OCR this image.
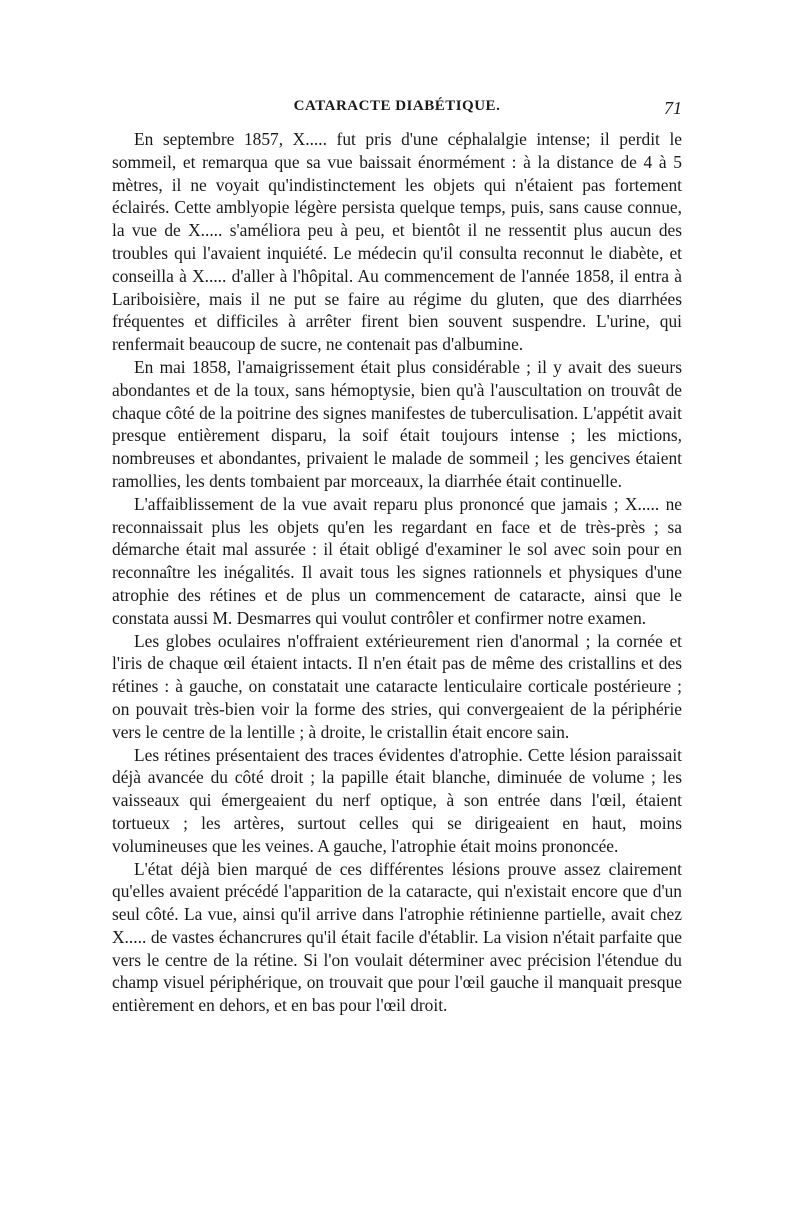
CATARACTE DIABÉTIQUE.	71

En septembre 1857, X..... fut pris d'une céphalalgie intense; il perdit le sommeil, et remarqua que sa vue baissait énormément : à la distance de 4 à 5 mètres, il ne voyait qu'indistinctement les objets qui n'étaient pas fortement éclairés. Cette amblyopie légère persista quelque temps, puis, sans cause connue, la vue de X..... s'améliora peu à peu, et bientôt il ne ressentit plus aucun des troubles qui l'avaient inquiété. Le médecin qu'il consulta reconnut le diabète, et conseilla à X..... d'aller à l'hôpital. Au commencement de l'année 1858, il entra à Lariboisière, mais il ne put se faire au régime du gluten, que des diarrhées fréquentes et difficiles à arrêter firent bien souvent suspendre. L'urine, qui renfermait beaucoup de sucre, ne contenait pas d'albumine.

En mai 1858, l'amaigrissement était plus considérable ; il y avait des sueurs abondantes et de la toux, sans hémoptysie, bien qu'à l'auscultation on trouvât de chaque côté de la poitrine des signes manifestes de tuberculisation. L'appétit avait presque entièrement disparu, la soif était toujours intense ; les mictions, nombreuses et abondantes, privaient le malade de sommeil ; les gencives étaient ramollies, les dents tombaient par morceaux, la diarrhée était continuelle.

L'affaiblissement de la vue avait reparu plus prononcé que jamais ; X..... ne reconnaissait plus les objets qu'en les regardant en face et de très-près ; sa démarche était mal assurée : il était obligé d'examiner le sol avec soin pour en reconnaître les inégalités. Il avait tous les signes rationnels et physiques d'une atrophie des rétines et de plus un commencement de cataracte, ainsi que le constata aussi M. Desmarres qui voulut contrôler et confirmer notre examen.

Les globes oculaires n'offraient extérieurement rien d'anormal ; la cornée et l'iris de chaque œil étaient intacts. Il n'en était pas de même des cristallins et des rétines : à gauche, on constatait une cataracte lenticulaire corticale postérieure ; on pouvait très-bien voir la forme des stries, qui convergeaient de la périphérie vers le centre de la lentille ; à droite, le cristallin était encore sain.

Les rétines présentaient des traces évidentes d'atrophie. Cette lésion paraissait déjà avancée du côté droit ; la papille était blanche, diminuée de volume ; les vaisseaux qui émergeaient du nerf optique, à son entrée dans l'œil, étaient tortueux ; les artères, surtout celles qui se dirigeaient en haut, moins volumineuses que les veines. A gauche, l'atrophie était moins prononcée.

L'état déjà bien marqué de ces différentes lésions prouve assez clairement qu'elles avaient précédé l'apparition de la cataracte, qui n'existait encore que d'un seul côté. La vue, ainsi qu'il arrive dans l'atrophie rétinienne partielle, avait chez X..... de vastes échancrures qu'il était facile d'établir. La vision n'était parfaite que vers le centre de la rétine. Si l'on voulait déterminer avec précision l'étendue du champ visuel périphérique, on trouvait que pour l'œil gauche il manquait presque entièrement en dehors, et en bas pour l'œil droit.
